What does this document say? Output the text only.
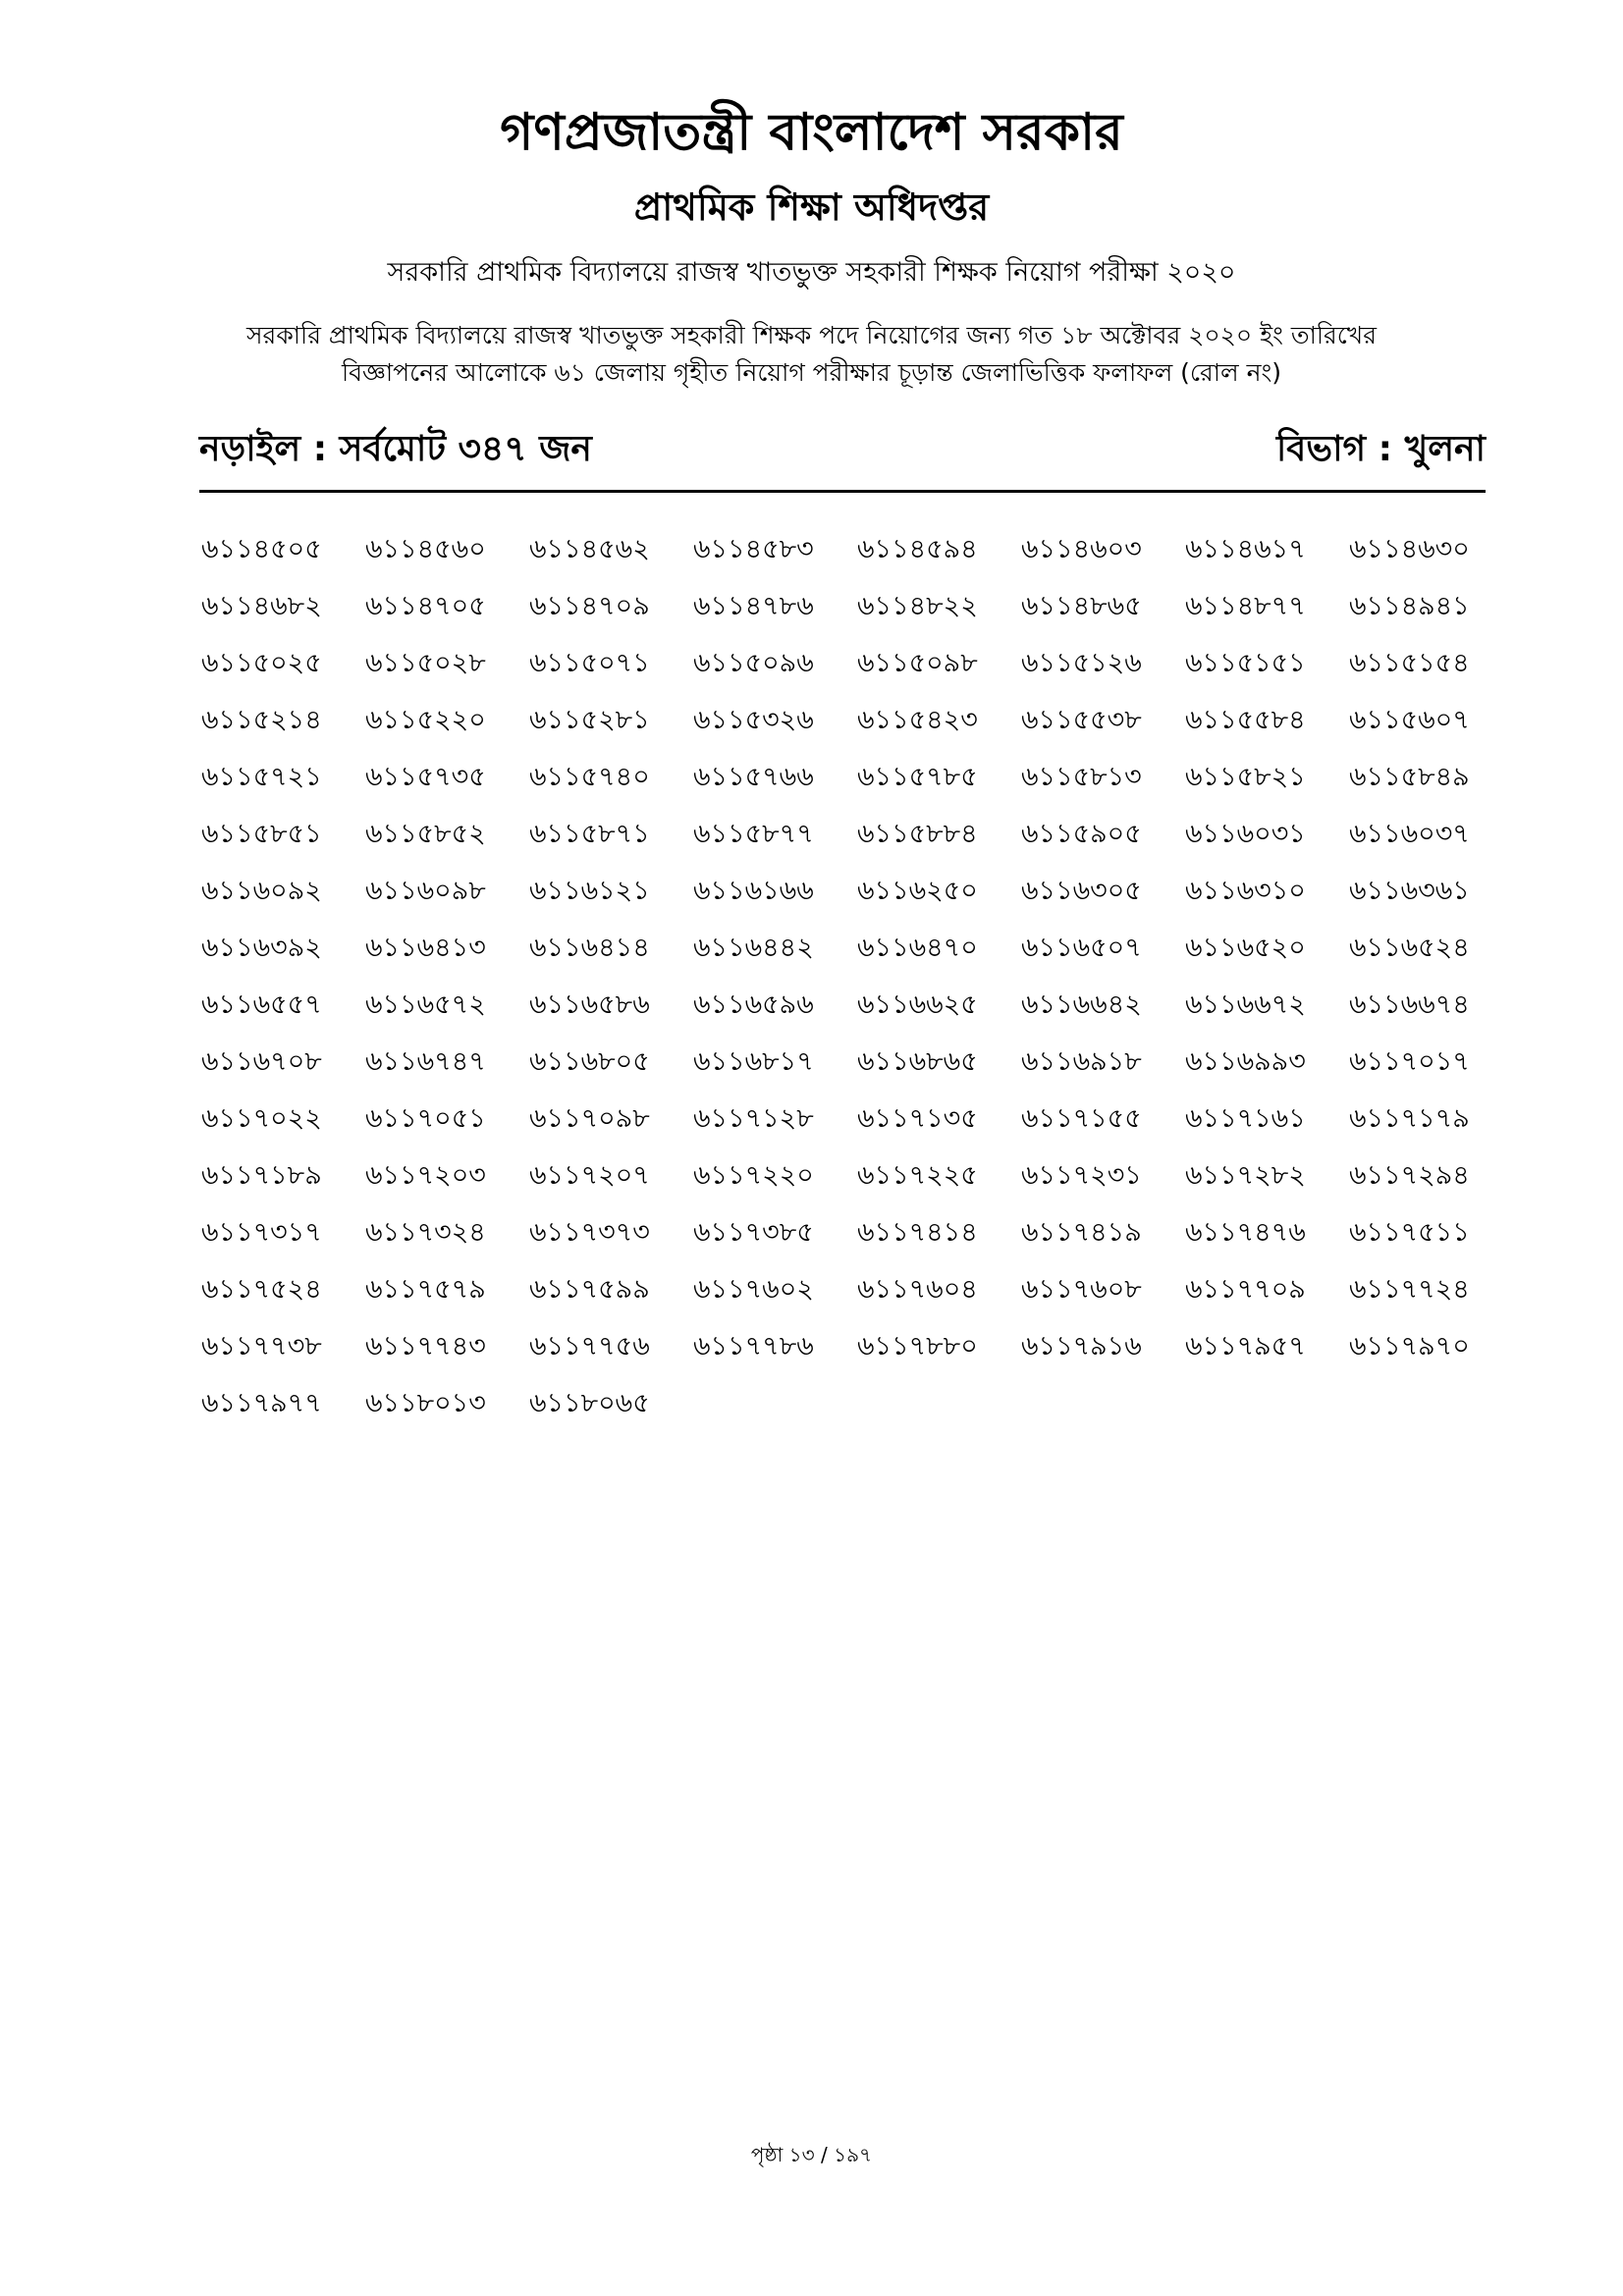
গণপ্রজাতন্ত্রী বাংলাদেশ সরকার
প্রাথমিক শিক্ষা অধিদপ্তর
সরকারি প্রাথমিক বিদ্যালয়ে রাজস্ব খাতভুক্ত সহকারী শিক্ষক নিয়োগ পরীক্ষা ২০২০
সরকারি প্রাথমিক বিদ্যালয়ে রাজস্ব খাতভুক্ত সহকারী শিক্ষক পদে নিয়োগের জন্য গত ১৮ অক্টোবর ২০২০ ইং তারিখের
বিজ্ঞাপনের আলোকে ৬১ জেলায় গৃহীত নিয়োগ পরীক্ষার চূড়ান্ত জেলাভিত্তিক ফলাফল (রোল নং)
নড়াইল : সর্বমোট ৩৪৭ জন	বিভাগ : খুলনা
৬১১৪৫০৫	৬১১৪৫৬০	৬১১৪৫৬২	৬১১৪৫৮৩	৬১১৪৫৯৪	৬১১৪৬০৩	৬১১৪৬১৭	৬১১৪৬৩০
৬১১৪৬৮২	৬১১৪৭০৫	৬১১৪৭০৯	৬১১৪৭৮৬	৬১১৪৮২২	৬১১৪৮৬৫	৬১১৪৮৭৭	৬১১৪৯৪১
৬১১৫০২৫	৬১১৫০২৮	৬১১৫০৭১	৬১১৫০৯৬	৬১১৫০৯৮	৬১১৫১২৬	৬১১৫১৫১	৬১১৫১৫৪
৬১১৫২১৪	৬১১৫২২০	৬১১৫২৮১	৬১১৫৩২৬	৬১১৫৪২৩	৬১১৫৫৩৮	৬১১৫৫৮৪	৬১১৫৬০৭
৬১১৫৭২১	৬১১৫৭৩৫	৬১১৫৭৪০	৬১১৫৭৬৬	৬১১৫৭৮৫	৬১১৫৮১৩	৬১১৫৮২১	৬১১৫৮৪৯
৬১১৫৮৫১	৬১১৫৮৫২	৬১১৫৮৭১	৬১১৫৮৭৭	৬১১৫৮৮৪	৬১১৫৯০৫	৬১১৬০৩১	৬১১৬০৩৭
৬১১৬০৯২	৬১১৬০৯৮	৬১১৬১২১	৬১১৬১৬৬	৬১১৬২৫০	৬১১৬৩০৫	৬১১৬৩১০	৬১১৬৩৬১
৬১১৬৩৯২	৬১১৬৪১৩	৬১১৬৪১৪	৬১১৬৪৪২	৬১১৬৪৭০	৬১১৬৫০৭	৬১১৬৫২০	৬১১৬৫২৪
৬১১৬৫৫৭	৬১১৬৫৭২	৬১১৬৫৮৬	৬১১৬৫৯৬	৬১১৬৬২৫	৬১১৬৬৪২	৬১১৬৬৭২	৬১১৬৬৭৪
৬১১৬৭০৮	৬১১৬৭৪৭	৬১১৬৮০৫	৬১১৬৮১৭	৬১১৬৮৬৫	৬১১৬৯১৮	৬১১৬৯৯৩	৬১১৭০১৭
৬১১৭০২২	৬১১৭০৫১	৬১১৭০৯৮	৬১১৭১২৮	৬১১৭১৩৫	৬১১৭১৫৫	৬১১৭১৬১	৬১১৭১৭৯
৬১১৭১৮৯	৬১১৭২০৩	৬১১৭২০৭	৬১১৭২২০	৬১১৭২২৫	৬১১৭২৩১	৬১১৭২৮২	৬১১৭২৯৪
৬১১৭৩১৭	৬১১৭৩২৪	৬১১৭৩৭৩	৬১১৭৩৮৫	৬১১৭৪১৪	৬১১৭৪১৯	৬১১৭৪৭৬	৬১১৭৫১১
৬১১৭৫২৪	৬১১৭৫৭৯	৬১১৭৫৯৯	৬১১৭৬০২	৬১১৭৬০৪	৬১১৭৬০৮	৬১১৭৭০৯	৬১১৭৭২৪
৬১১৭৭৩৮	৬১১৭৭৪৩	৬১১৭৭৫৬	৬১১৭৭৮৬	৬১১৭৮৮০	৬১১৭৯১৬	৬১১৭৯৫৭	৬১১৭৯৭০
৬১১৭৯৭৭	৬১১৮০১৩	৬১১৮০৬৫
পৃষ্ঠা ১৩ / ১৯৭
